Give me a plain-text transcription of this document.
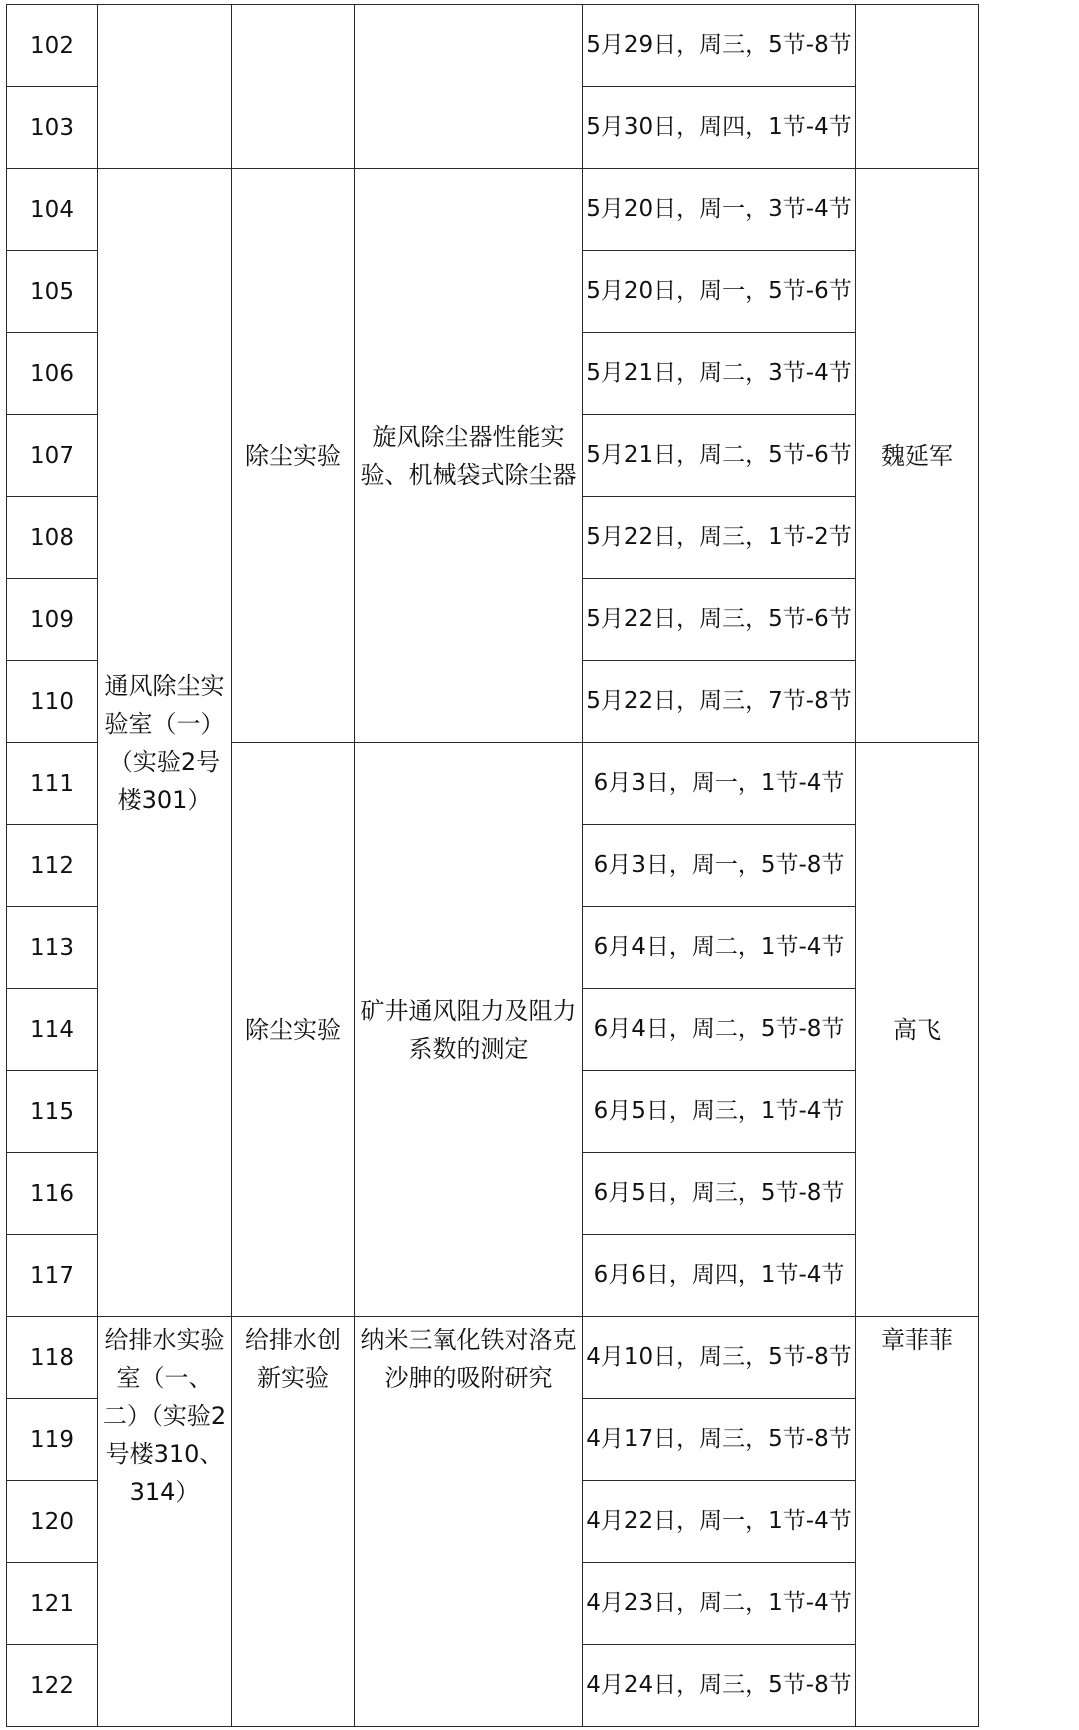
102				5月29日，周三，5节-8节	
103				5月30日，周四，1节-4节	
104	通风除尘实验室（一）（实验2号楼301）	除尘实验	旋风除尘器性能实验、机械袋式除尘器	5月20日，周一，3节-4节	魏延军
105				5月20日，周一，5节-6节	
106				5月21日，周二，3节-4节	
107				5月21日，周二，5节-6节	
108				5月22日，周三，1节-2节	
109				5月22日，周三，5节-6节	
110				5月22日，周三，7节-8节	
111		除尘实验	矿井通风阻力及阻力系数的测定	6月3日，周一，1节-4节	高飞
112				6月3日，周一，5节-8节	
113				6月4日，周二，1节-4节	
114				6月4日，周二，5节-8节	
115				6月5日，周三，1节-4节	
116				6月5日，周三，5节-8节	
117				6月6日，周四，1节-4节	
118	给排水实验室（一、二）（实验2号楼310、314）	给排水创新实验	纳米三氧化铁对洛克沙胂的吸附研究	4月10日，周三，5节-8节	章菲菲
119				4月17日，周三，5节-8节	
120				4月22日，周一，1节-4节	
121				4月23日，周二，1节-4节	
122				4月24日，周三，5节-8节	
